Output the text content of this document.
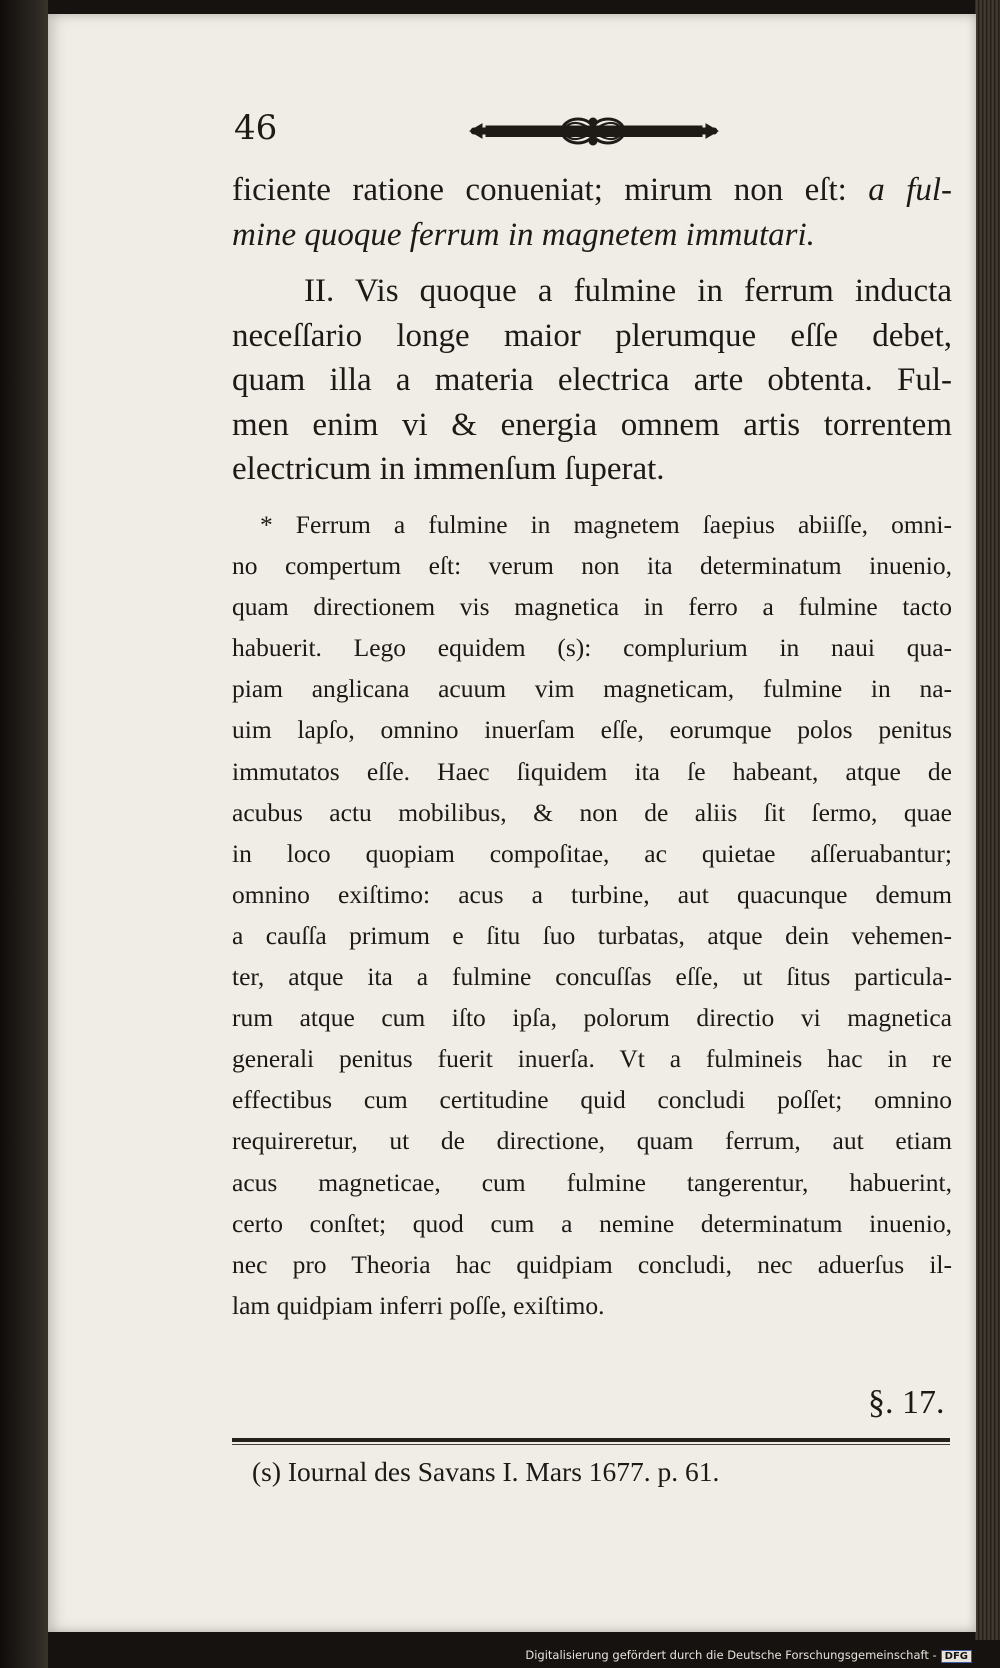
46
ficiente ratione conueniat; mirum non eſt: a ful-
mine quoque ferrum in magnetem immutari.
II. Vis quoque a fulmine in ferrum inducta
neceſſario longe maior plerumque eſſe debet,
quam illa a materia electrica arte obtenta. Ful-
men enim vi & energia omnem artis torrentem
electricum in immenſum ſuperat.
* Ferrum a fulmine in magnetem ſaepius abiiſſe, omni-
no compertum eſt: verum non ita determinatum inuenio,
quam directionem vis magnetica in ferro a fulmine tacto
habuerit. Lego equidem (s): complurium in naui qua-
piam anglicana acuum vim magneticam, fulmine in na-
uim lapſo, omnino inuerſam eſſe, eorumque polos penitus
immutatos eſſe. Haec ſiquidem ita ſe habeant, atque de
acubus actu mobilibus, & non de aliis ſit ſermo, quae
in loco quopiam compoſitae, ac quietae aſſeruabantur;
omnino exiſtimo: acus a turbine, aut quacunque demum
a cauſſa primum e ſitu ſuo turbatas, atque dein vehemen-
ter, atque ita a fulmine concuſſas eſſe, ut ſitus particula-
rum atque cum iſto ipſa, polorum directio vi magnetica
generali penitus fuerit inuerſa. Vt a fulmineis hac in re
effectibus cum certitudine quid concludi poſſet; omnino
requireretur, ut de directione, quam ferrum, aut etiam
acus magneticae, cum fulmine tangerentur, habuerint,
certo conſtet; quod cum a nemine determinatum inuenio,
nec pro Theoria hac quidpiam concludi, nec aduerſus il-
lam quidpiam inferri poſſe, exiſtimo.
§. 17.
(s) Iournal des Savans I. Mars 1677. p. 61.
Digitalisierung gefördert durch die Deutsche Forschungsgemeinschaft - DFG
